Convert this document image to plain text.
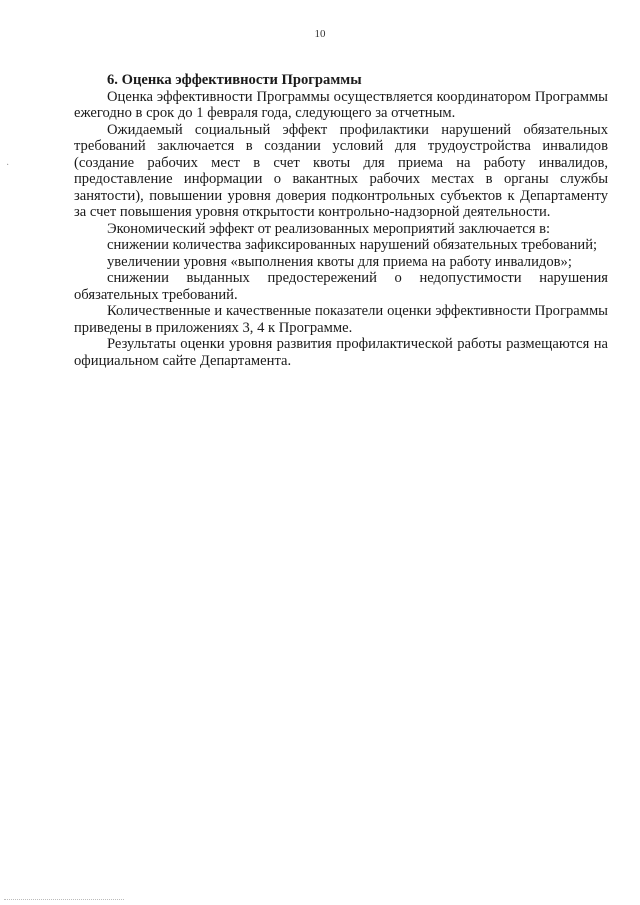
10
·

6. Оценка эффективности Программы

Оценка эффективности Программы осуществляется координатором Программы ежегодно в срок до 1 февраля года, следующего за отчетным.

Ожидаемый социальный эффект профилактики нарушений обязательных требований заключается в создании условий для трудоустройства инвалидов (создание рабочих мест в счет квоты для приема на работу инвалидов, предоставление информации о вакантных рабочих местах в органы службы занятости), повышении уровня доверия подконтрольных субъектов к Департаменту за счет повышения уровня открытости контрольно-надзорной деятельности.

Экономический эффект от реализованных мероприятий заключается в:

снижении количества зафиксированных нарушений обязательных требований;

увеличении уровня «выполнения квоты для приема на работу инвалидов»;

снижении выданных предостережений о недопустимости нарушения обязательных требований.

Количественные и качественные показатели оценки эффективности Программы приведены в приложениях 3, 4 к Программе.

Результаты оценки уровня развития профилактической работы размещаются на официальном сайте Департамента.
